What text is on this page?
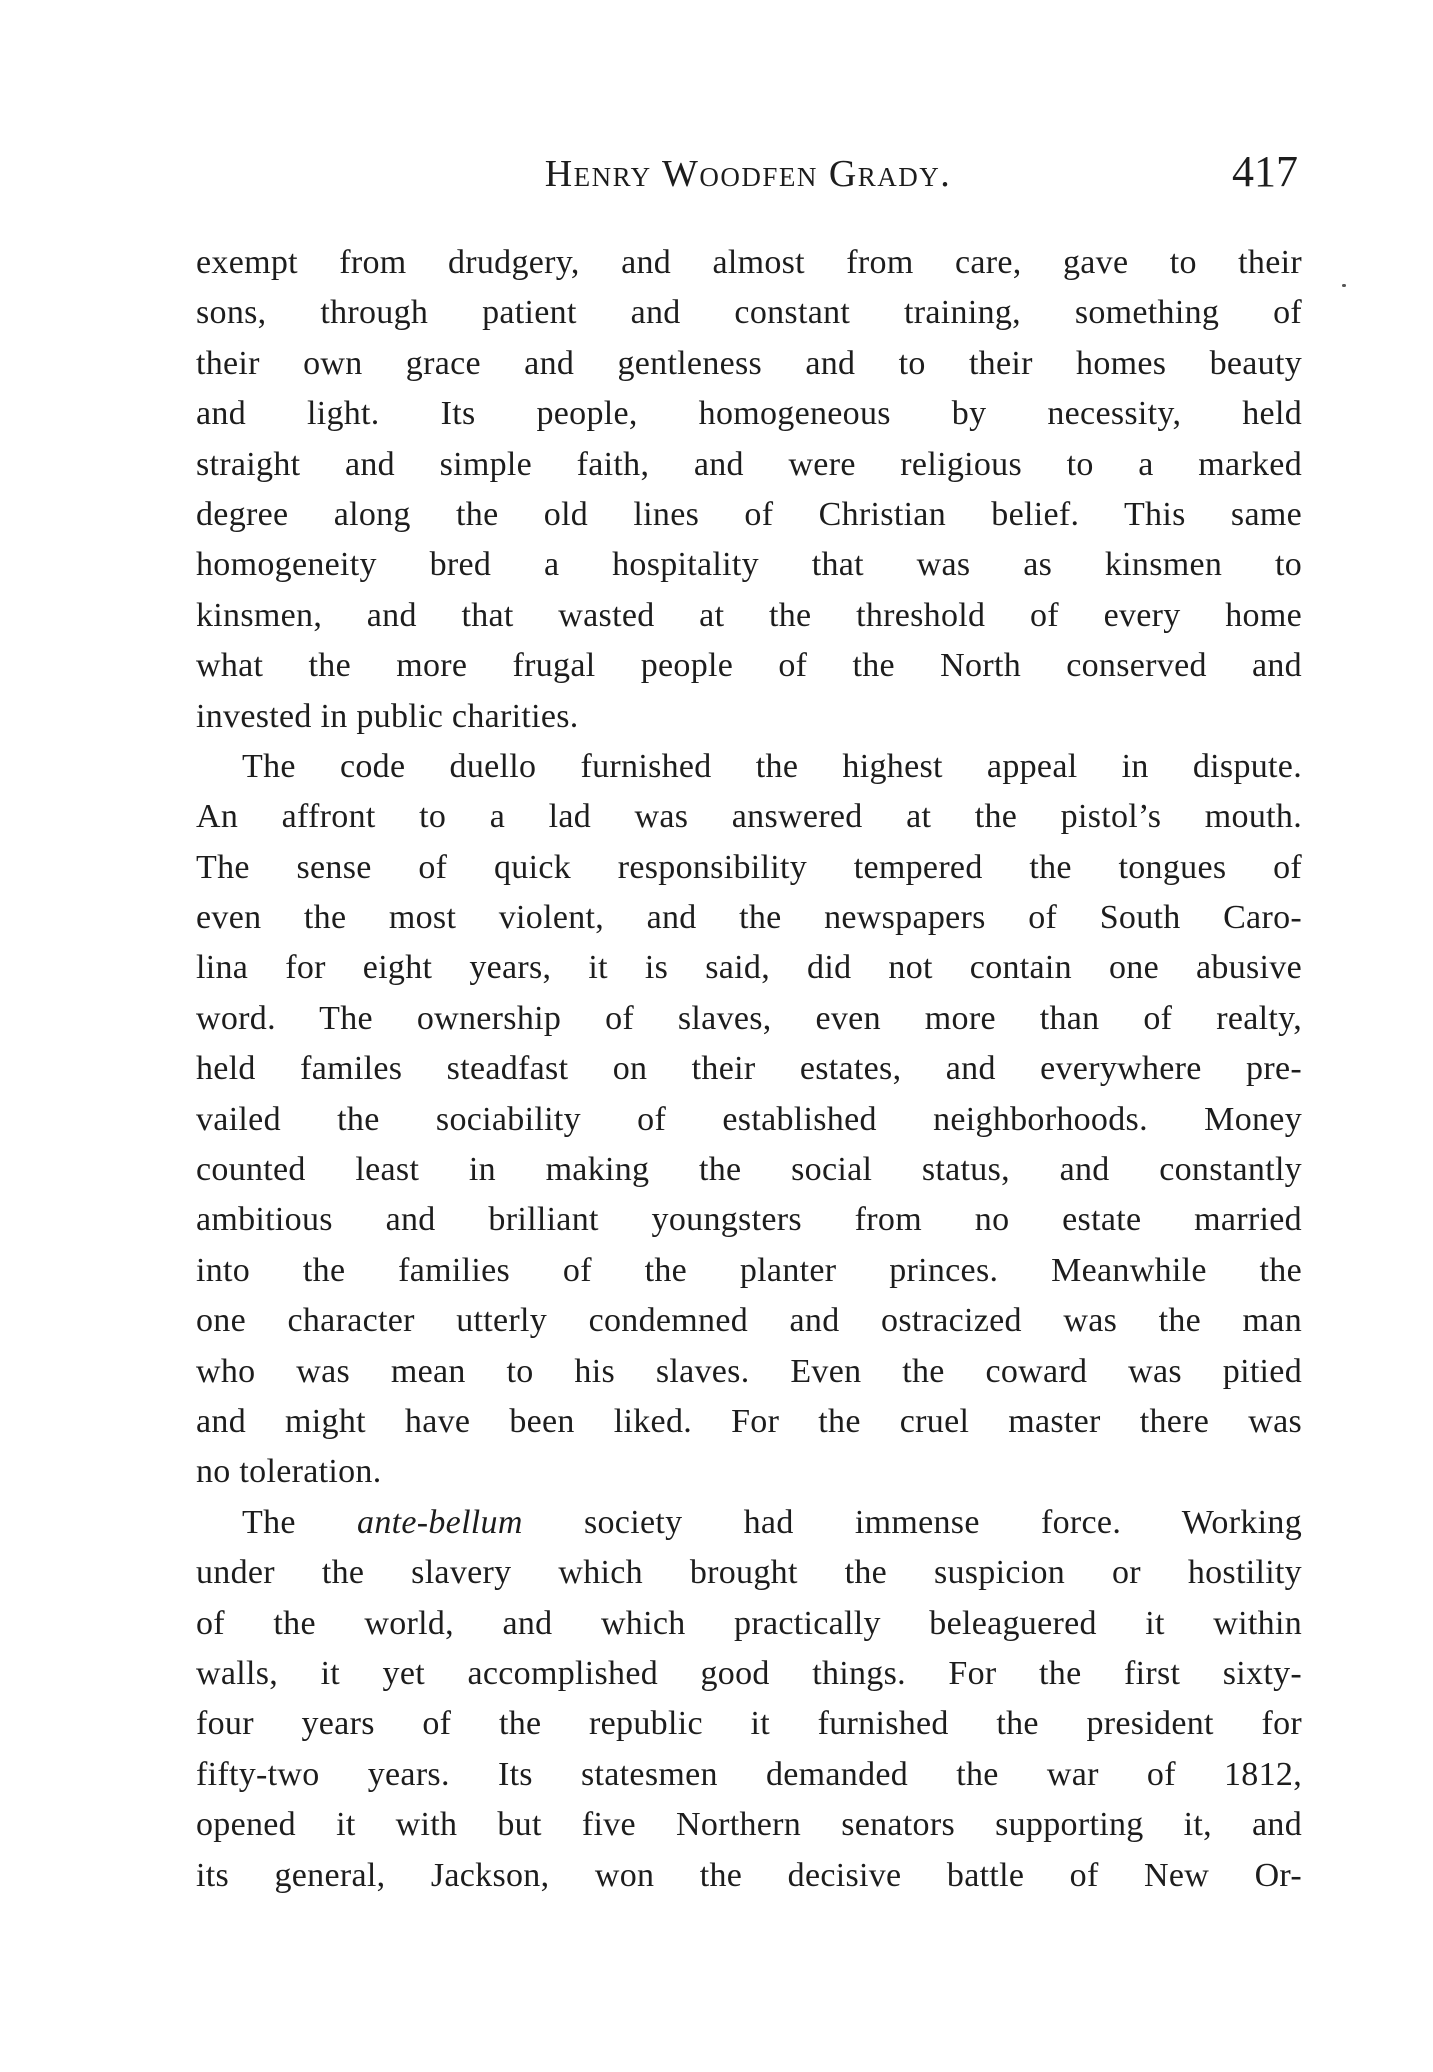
Henry Woodfen Grady.	417
exempt from drudgery, and almost from care, gave to their
sons, through patient and constant training, something of
their own grace and gentleness and to their homes beauty
and light. Its people, homogeneous by necessity, held
straight and simple faith, and were religious to a marked
degree along the old lines of Christian belief. This same
homogeneity bred a hospitality that was as kinsmen to
kinsmen, and that wasted at the threshold of every home
what the more frugal people of the North conserved and
invested in public charities.
The code duello furnished the highest appeal in dispute.
An affront to a lad was answered at the pistol’s mouth.
The sense of quick responsibility tempered the tongues of
even the most violent, and the newspapers of South Caro-
lina for eight years, it is said, did not contain one abusive
word. The ownership of slaves, even more than of realty,
held familes steadfast on their estates, and everywhere pre-
vailed the sociability of established neighborhoods. Money
counted least in making the social status, and constantly
ambitious and brilliant youngsters from no estate married
into the families of the planter princes. Meanwhile the
one character utterly condemned and ostracized was the man
who was mean to his slaves. Even the coward was pitied
and might have been liked. For the cruel master there was
no toleration.
The ante-bellum society had immense force. Working
under the slavery which brought the suspicion or hostility
of the world, and which practically beleaguered it within
walls, it yet accomplished good things. For the first sixty-
four years of the republic it furnished the president for
fifty-two years. Its statesmen demanded the war of 1812,
opened it with but five Northern senators supporting it, and
its general, Jackson, won the decisive battle of New Or-
